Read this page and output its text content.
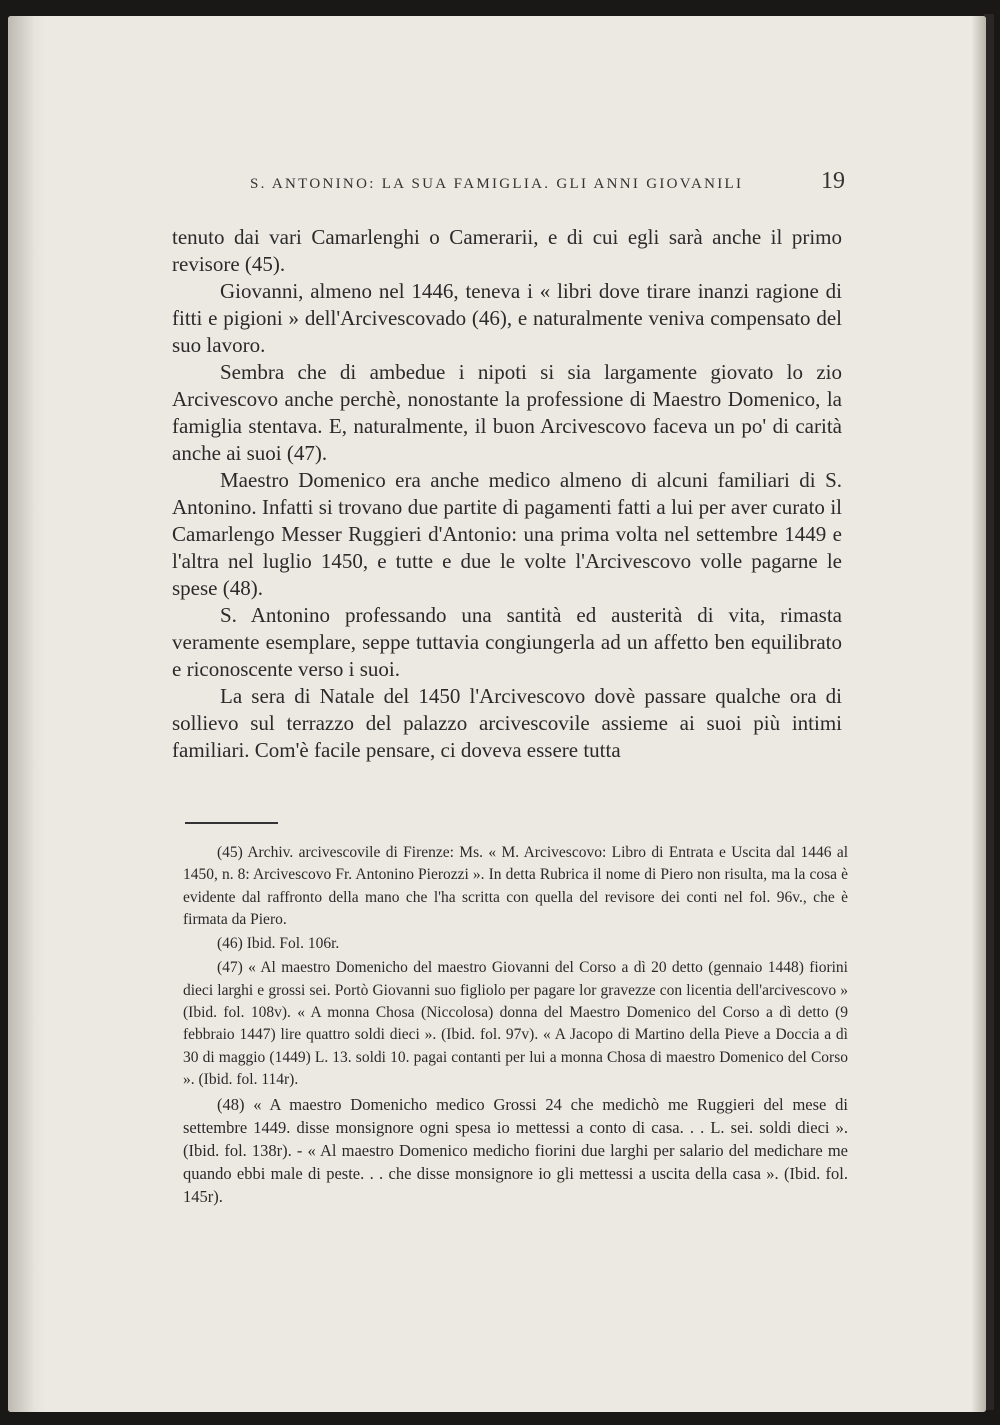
S. ANTONINO: LA SUA FAMIGLIA. GLI ANNI GIOVANILI	19

tenuto dai vari Camarlenghi o Camerarii, e di cui egli sarà anche il primo revisore (45).

Giovanni, almeno nel 1446, teneva i « libri dove tirare inanzi ragione di fitti e pigioni » dell'Arcivescovado (46), e naturalmente veniva compensato del suo lavoro.

Sembra che di ambedue i nipoti si sia largamente giovato lo zio Arcivescovo anche perchè, nonostante la professione di Maestro Domenico, la famiglia stentava. E, naturalmente, il buon Arcivescovo faceva un po' di carità anche ai suoi (47).

Maestro Domenico era anche medico almeno di alcuni familiari di S. Antonino. Infatti si trovano due partite di pagamenti fatti a lui per aver curato il Camarlengo Messer Ruggieri d'Antonio: una prima volta nel settembre 1449 e l'altra nel luglio 1450, e tutte e due le volte l'Arcivescovo volle pagarne le spese (48).

S. Antonino professando una santità ed austerità di vita, rimasta veramente esemplare, seppe tuttavia congiungerla ad un affetto ben equilibrato e riconoscente verso i suoi.

La sera di Natale del 1450 l'Arcivescovo dovè passare qualche ora di sollievo sul terrazzo del palazzo arcivescovile assieme ai suoi più intimi familiari. Com'è facile pensare, ci doveva essere tutta

(45) Archiv. arcivescovile di Firenze: Ms. « M. Arcivescovo: Libro di Entrata e Uscita dal 1446 al 1450, n. 8: Arcivescovo Fr. Antonino Pierozzi ». In detta Rubrica il nome di Piero non risulta, ma la cosa è evidente dal raffronto della mano che l'ha scritta con quella del revisore dei conti nel fol. 96v., che è firmata da Piero.

(46) Ibid. Fol. 106r.

(47) « Al maestro Domenicho del maestro Giovanni del Corso a dì 20 detto (gennaio 1448) fiorini dieci larghi e grossi sei. Portò Giovanni suo figliolo per pagare lor gravezze con licentia dell'arcivescovo » (Ibid. fol. 108v). « A monna Chosa (Niccolosa) donna del Maestro Domenico del Corso a dì detto (9 febbraio 1447) lire quattro soldi dieci ». (Ibid. fol. 97v). « A Jacopo di Martino della Pieve a Doccia a dì 30 di maggio (1449) L. 13. soldi 10. pagai contanti per lui a monna Chosa di maestro Domenico del Corso ». (Ibid. fol. 114r).

(48) « A maestro Domenicho medico Grossi 24 che medichò me Ruggieri del mese di settembre 1449. disse monsignore ogni spesa io mettessi a conto di casa. . . L. sei. soldi dieci ». (Ibid. fol. 138r). - « Al maestro Domenico medicho fiorini due larghi per salario del medichare me quando ebbi male di peste. . . che disse monsignore io gli mettessi a uscita della casa ». (Ibid. fol. 145r).
